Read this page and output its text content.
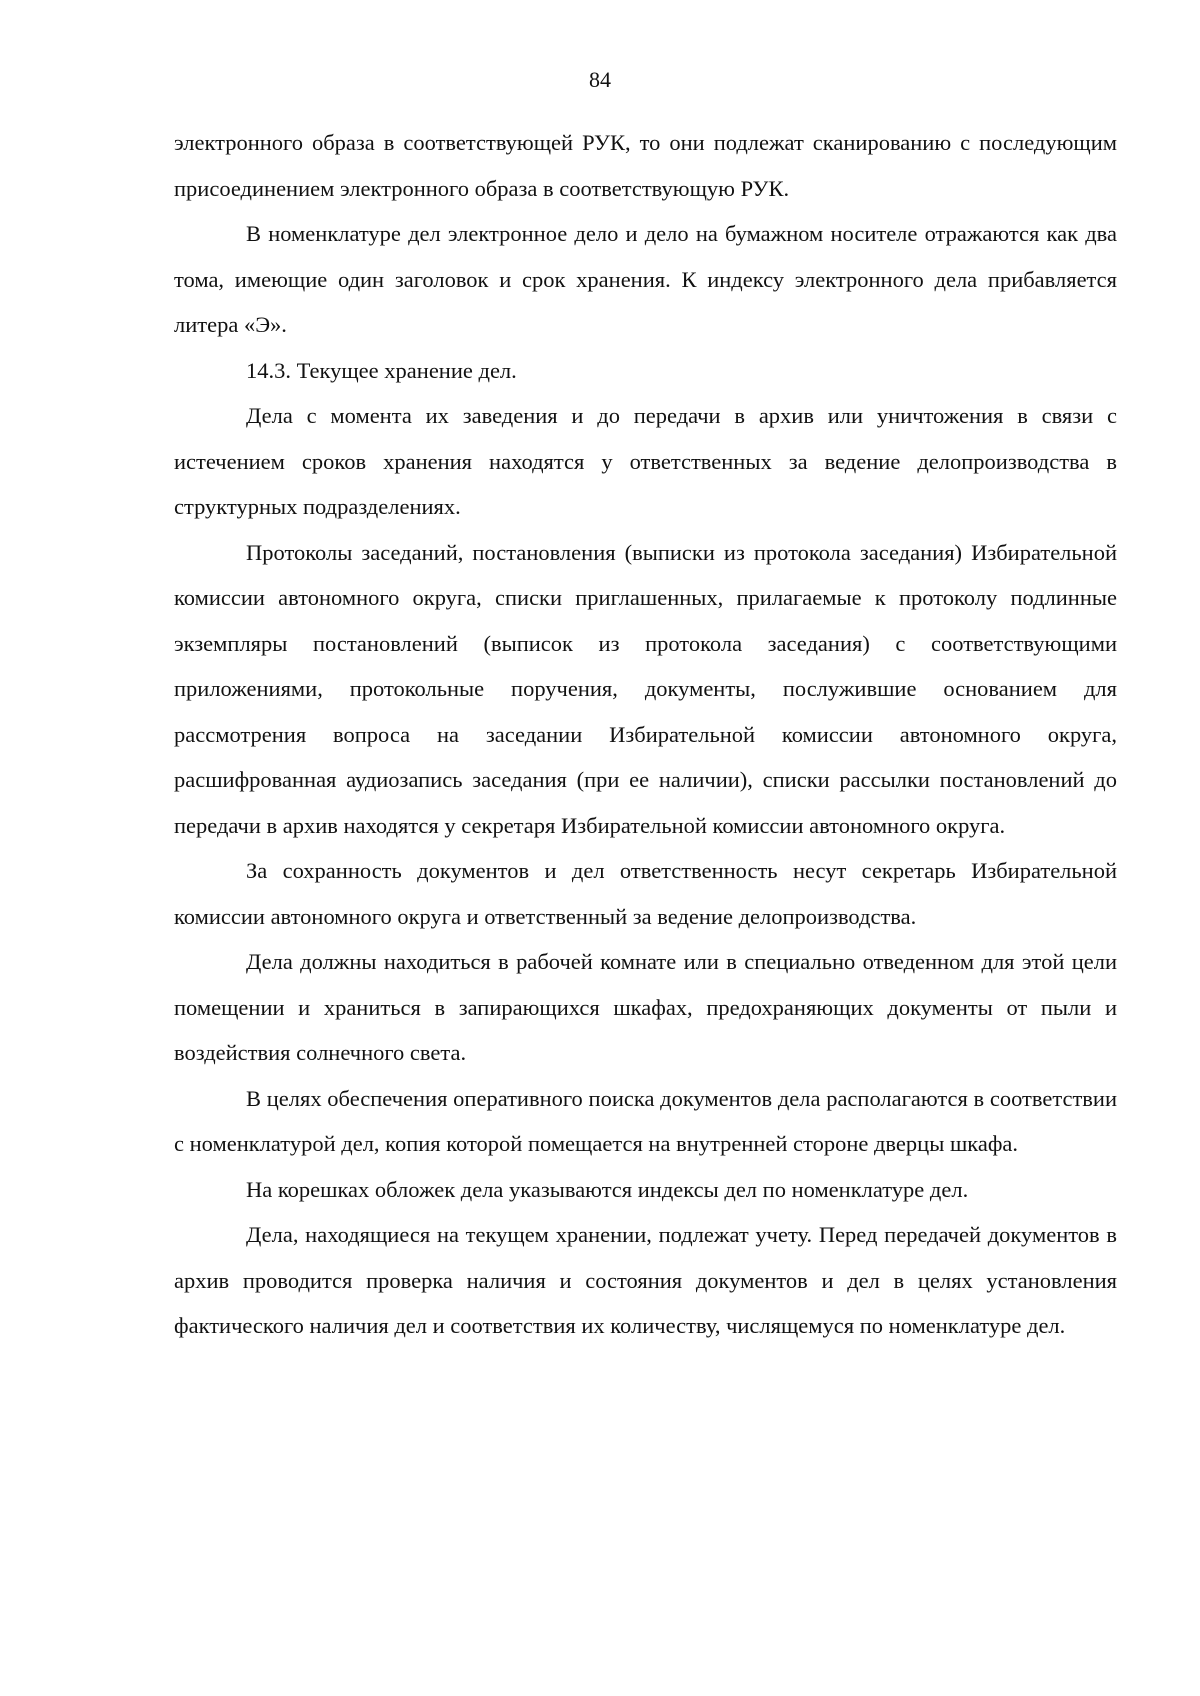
84

электронного образа в соответствующей РУК, то они подлежат сканированию с последующим присоединением электронного образа в соответствующую РУК.

В номенклатуре дел электронное дело и дело на бумажном носителе отражаются как два тома, имеющие один заголовок и срок хранения. К индексу электронного дела прибавляется литера «Э».

14.3. Текущее хранение дел.

Дела с момента их заведения и до передачи в архив или уничтожения в связи с истечением сроков хранения находятся у ответственных за ведение делопроизводства в структурных подразделениях.

Протоколы заседаний, постановления (выписки из протокола заседания) Избирательной комиссии автономного округа, списки приглашенных, прилагаемые к протоколу подлинные экземпляры постановлений (выписок из протокола заседания) с соответствующими приложениями, протокольные поручения, документы, послужившие основанием для рассмотрения вопроса на заседании Избирательной комиссии автономного округа, расшифрованная аудиозапись заседания (при ее наличии), списки рассылки постановлений до передачи в архив находятся у секретаря Избирательной комиссии автономного округа.

За сохранность документов и дел ответственность несут секретарь Избирательной комиссии автономного округа и ответственный за ведение делопроизводства.

Дела должны находиться в рабочей комнате или в специально отведенном для этой цели помещении и храниться в запирающихся шкафах, предохраняющих документы от пыли и воздействия солнечного света.

В целях обеспечения оперативного поиска документов дела располагаются в соответствии с номенклатурой дел, копия которой помещается на внутренней стороне дверцы шкафа.

На корешках обложек дела указываются индексы дел по номенклатуре дел.

Дела, находящиеся на текущем хранении, подлежат учету. Перед передачей документов в архив проводится проверка наличия и состояния документов и дел в целях установления фактического наличия дел и соответствия их количеству, числящемуся по номенклатуре дел.
